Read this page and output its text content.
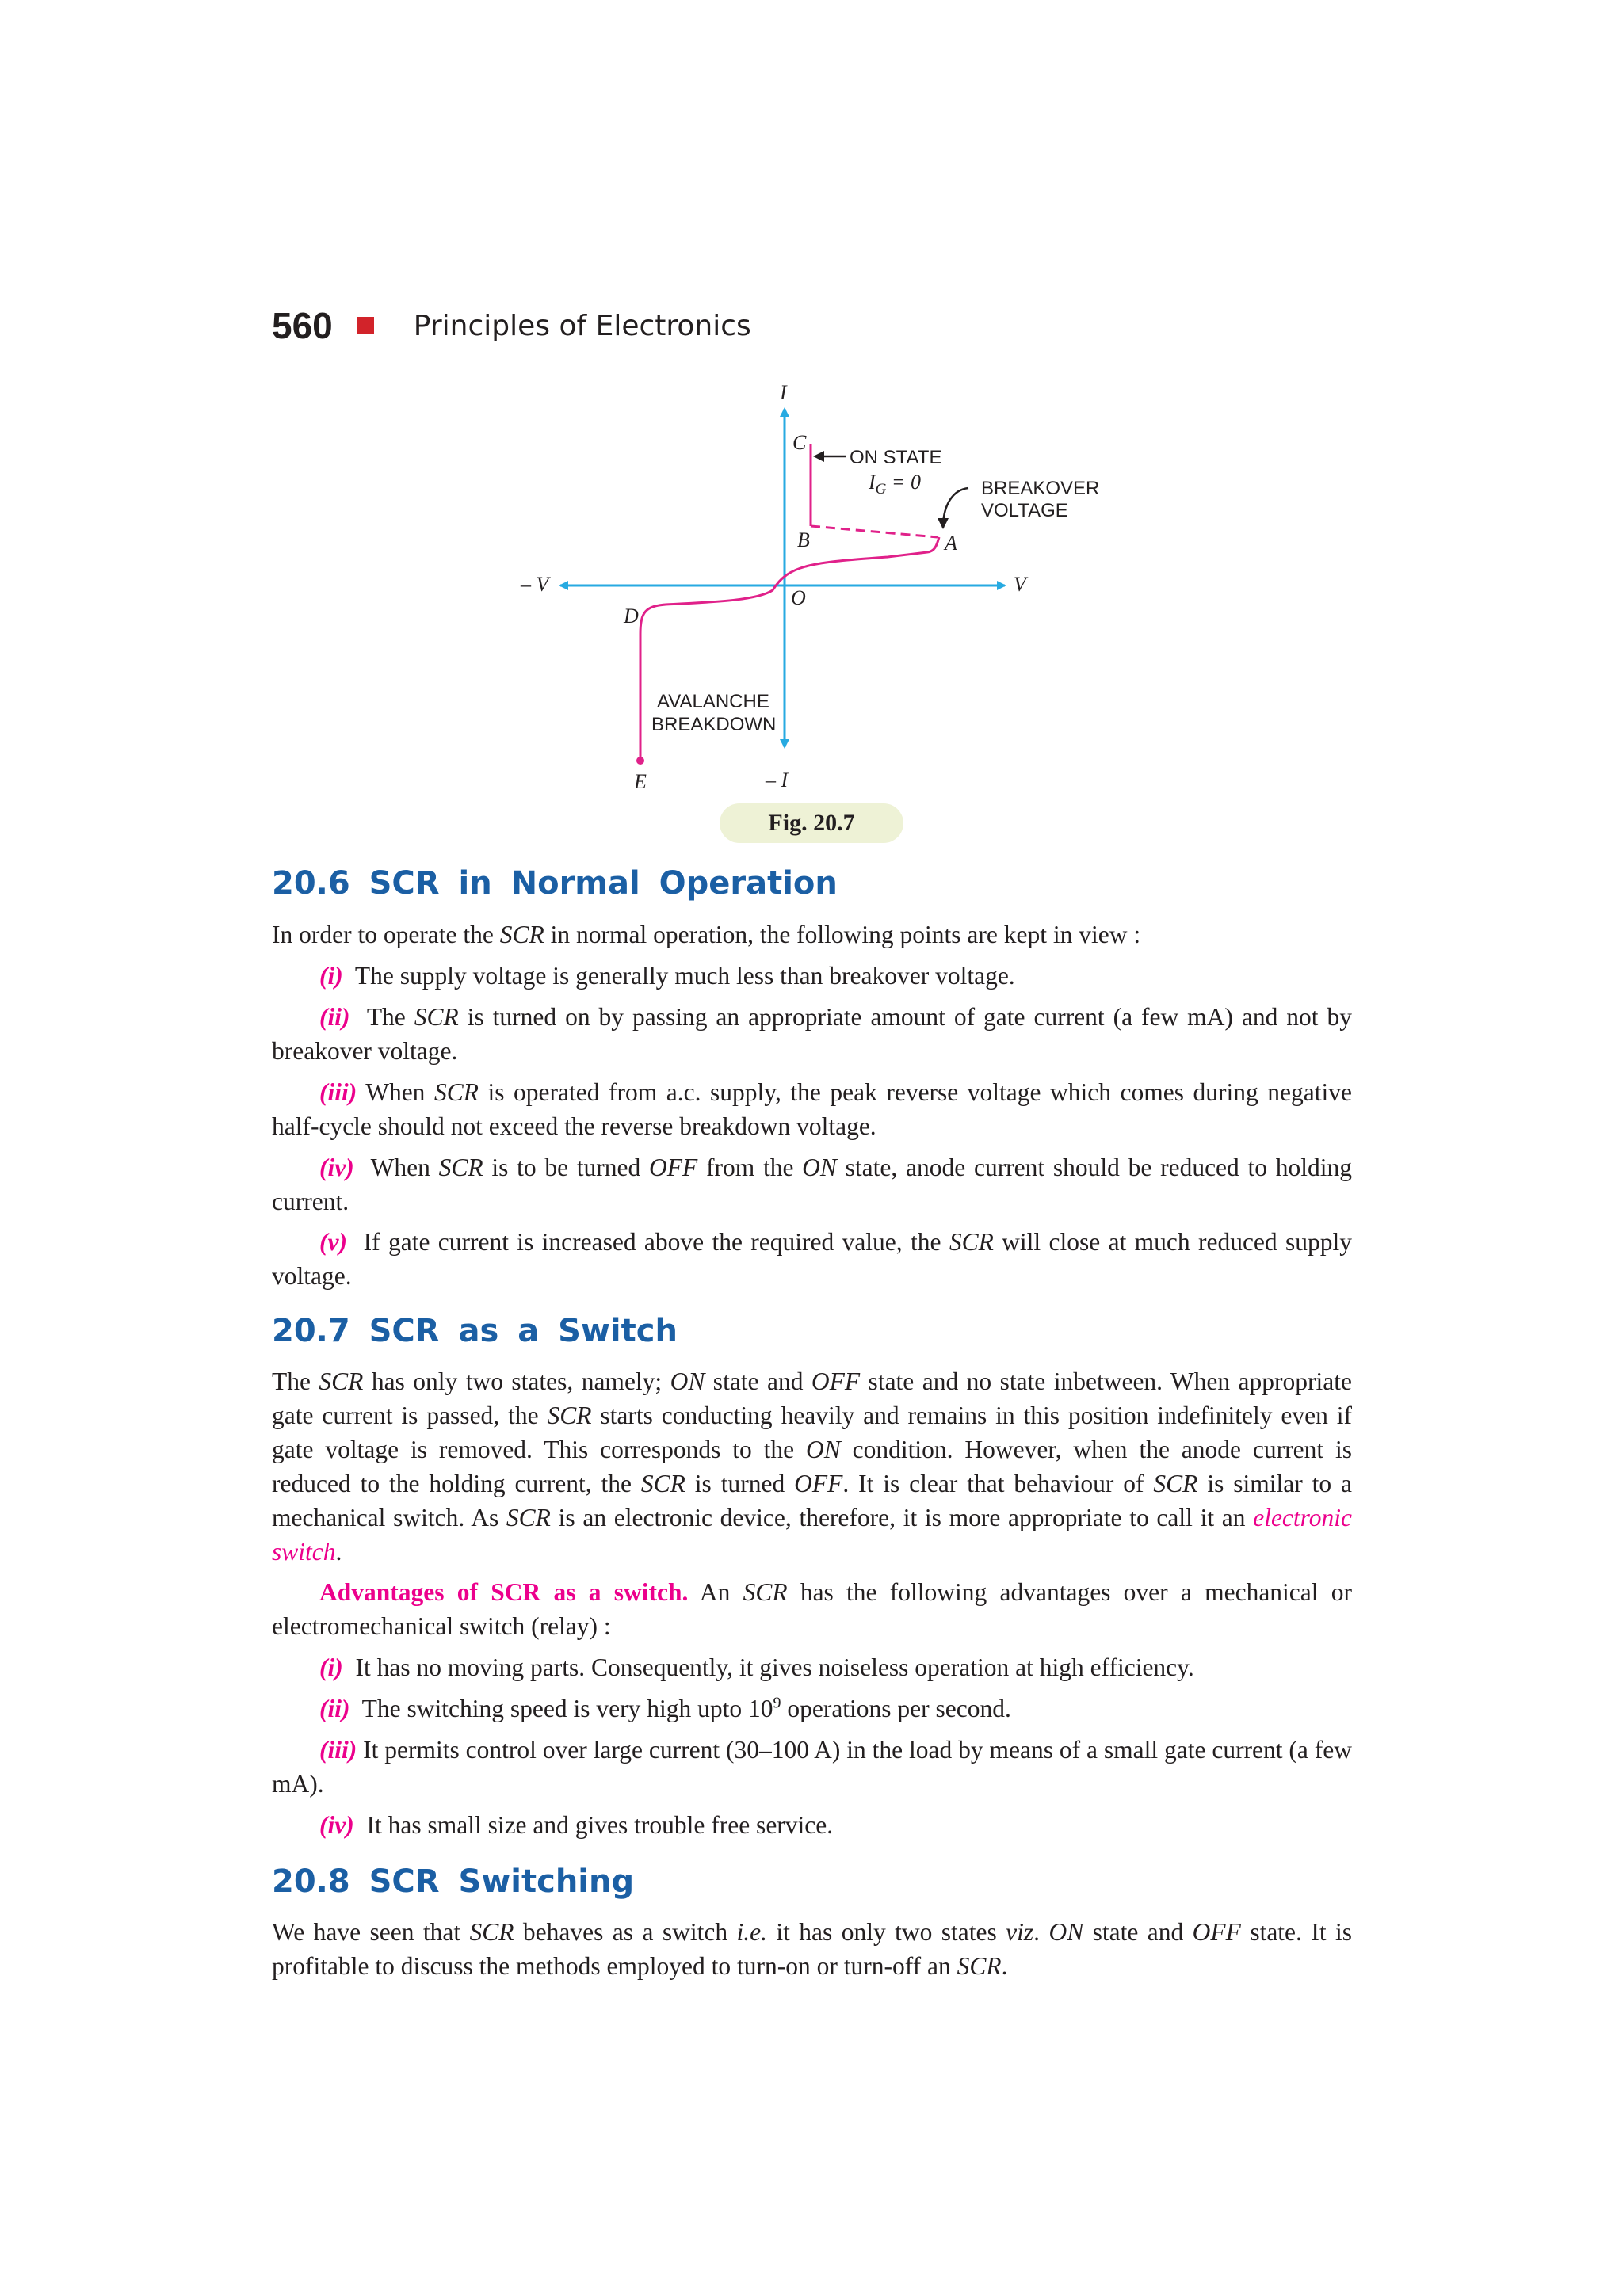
560	Principles of Electronics
I
– I
V
– V
O
C
B	A
D
E
ON STATE
$I_G = 0$	BREAKOVER
VOLTAGE
AVALANCHE
BREAKDOWN
Fig. 20.7
20.6 SCR in Normal Operation

In order to operate the SCR in normal operation, the following points are kept in view :

(i) The supply voltage is generally much less than breakover voltage.

(ii) The SCR is turned on by passing an appropriate amount of gate current (a few mA) and not by breakover voltage.

(iii) When SCR is operated from a.c. supply, the peak reverse voltage which comes during negative half-cycle should not exceed the reverse breakdown voltage.

(iv) When SCR is to be turned OFF from the ON state, anode current should be reduced to holding current.

(v) If gate current is increased above the required value, the SCR will close at much reduced supply voltage.

20.7 SCR as a Switch

The SCR has only two states, namely; ON state and OFF state and no state inbetween. When appropriate gate current is passed, the SCR starts conducting heavily and remains in this position indefinitely even if gate voltage is removed. This corresponds to the ON condition. However, when the anode current is reduced to the holding current, the SCR is turned OFF. It is clear that behaviour of SCR is similar to a mechanical switch. As SCR is an electronic device, therefore, it is more appropriate to call it an electronic switch.

Advantages of SCR as a switch. An SCR has the following advantages over a mechanical or electromechanical switch (relay) :

(i) It has no moving parts. Consequently, it gives noiseless operation at high efficiency.

(ii) The switching speed is very high upto $10^9$ operations per second.

(iii) It permits control over large current (30–100 A) in the load by means of a small gate current (a few mA).

(iv) It has small size and gives trouble free service.

20.8 SCR Switching

We have seen that SCR behaves as a switch i.e. it has only two states viz. ON state and OFF state. It is profitable to discuss the methods employed to turn-on or turn-off an SCR.
